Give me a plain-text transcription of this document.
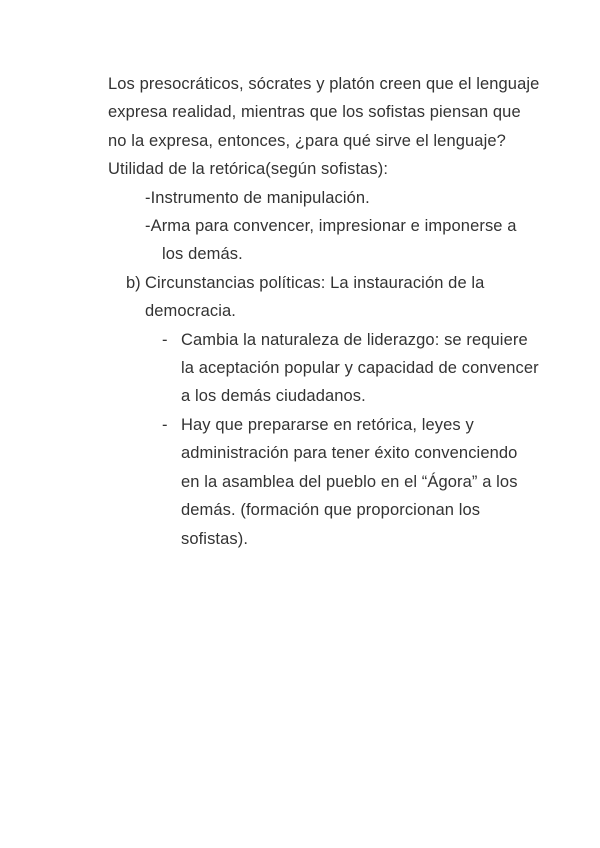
Los presocráticos, sócrates y platón creen que el lenguaje
expresa realidad, mientras que los sofistas piensan que
no la expresa, entonces, ¿para qué sirve el lenguaje?
Utilidad de la retórica(según sofistas):
-Instrumento de manipulación.
-Arma para convencer, impresionar e imponerse a
los demás.
b) Circunstancias políticas: La instauración de la
democracia.
- Cambia la naturaleza de liderazgo: se requiere
la aceptación popular y capacidad de convencer
a los demás ciudadanos.
- Hay que prepararse en retórica, leyes y
administración para tener éxito convenciendo
en la asamblea del pueblo en el “Ágora” a los
demás. (formación que proporcionan los
sofistas).
